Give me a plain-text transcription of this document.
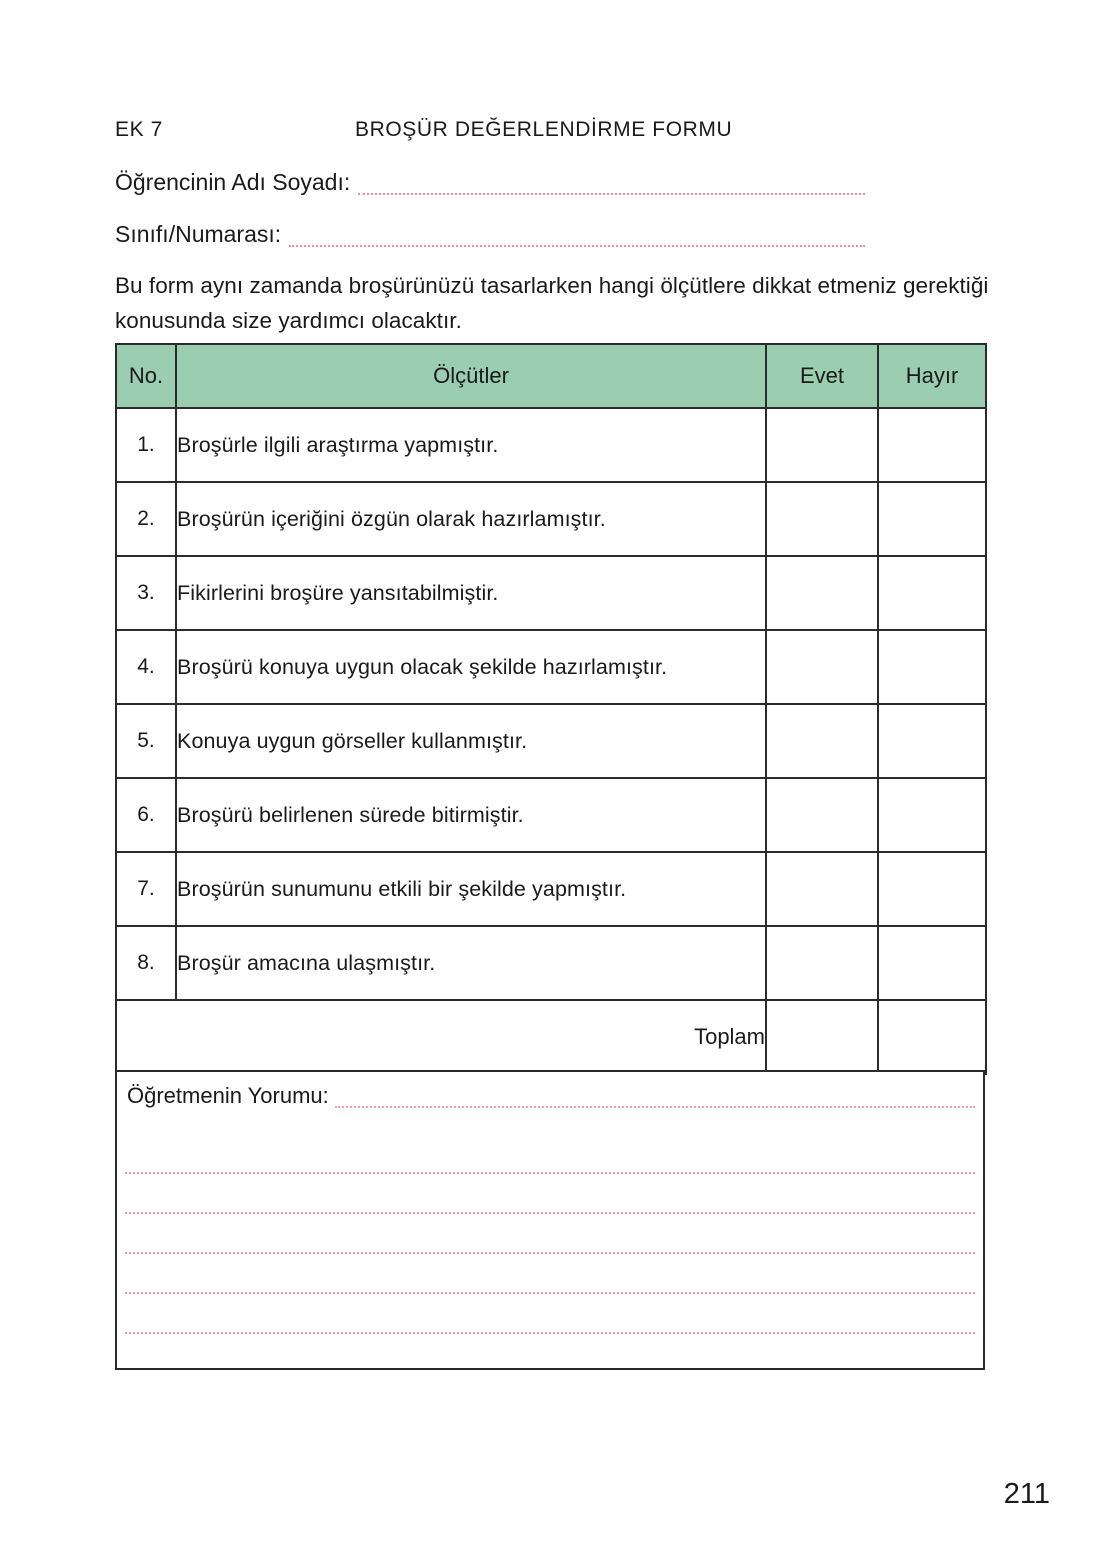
EK 7	BROŞÜR DEĞERLENDİRME FORMU
Öğrencinin Adı Soyadı:
Sınıfı/Numarası:

Bu form aynı zamanda broşürünüzü tasarlarken hangi ölçütlere dikkat etmeniz gerektiği konusunda size yardımcı olacaktır.

No.	Ölçütler	Evet	Hayır
1.	Broşürle ilgili araştırma yapmıştır.		
2.	Broşürün içeriğini özgün olarak hazırlamıştır.		
3.	Fikirlerini broşüre yansıtabilmiştir.		
4.	Broşürü konuya uygun olacak şekilde hazırlamıştır.		
5.	Konuya uygun görseller kullanmıştır.		
6.	Broşürü belirlenen sürede bitirmiştir.		
7.	Broşürün sunumunu etkili bir şekilde yapmıştır.		
8.	Broşür amacına ulaşmıştır.		
Toplam			
Öğretmenin Yorumu:
211
